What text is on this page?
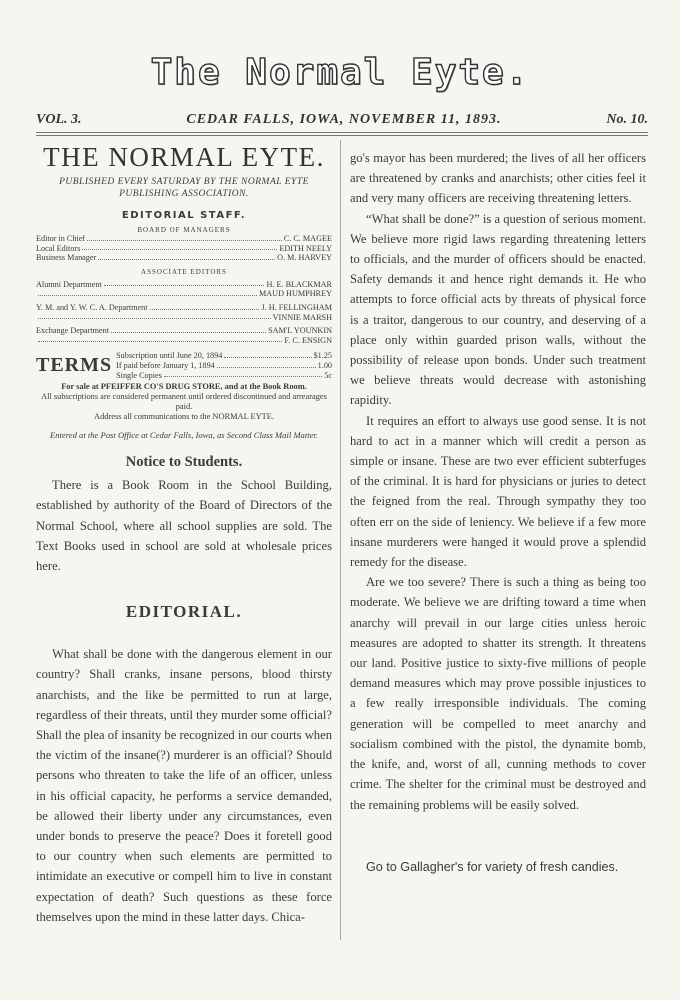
The Normal Eyte.
VOL. 3.	CEDAR FALLS, IOWA, NOVEMBER 11, 1893.	No. 10.
THE NORMAL EYTE.
PUBLISHED EVERY SATURDAY BY THE NORMAL EYTE PUBLISHING ASSOCIATION.
EDITORIAL STAFF.
BOARD OF MANAGERS
Editor in Chief	C. C. MAGEE
Local Editors	EDITH NEELY
Business Manager	O. M. HARVEY
ASSOCIATE EDITORS
Alumni Department	H. E. BLACKMAR
MAUD HUMPHREY
Y. M. and Y. W. C. A. Department	J. H. FELLINGHAM
VINNIE MARSH
Exchange Department	SAM'L YOUNKIN
F. C. ENSIGN
TERMS Subscription until June 20, 1894	$1.25
If paid before January 1, 1894	1.00
Single Copies	5c
For sale at PFEIFFER CO'S DRUG STORE, and at the Book Room.
All subscriptions are considered permanent until ordered discontinued and arrearages paid.
Address all communications to the NORMAL EYTE.
Entered at the Post Office at Cedar Falls, Iowa, as Second Class Mail Matter.
Notice to Students.

There is a Book Room in the School Building, established by authority of the Board of Directors of the Normal School, where all school supplies are sold. The Text Books used in school are sold at wholesale prices here.

EDITORIAL.

What shall be done with the dangerous element in our country? Shall cranks, insane persons, blood thirsty anarchists, and the like be permitted to run at large, regardless of their threats, until they murder some official? Shall the plea of insanity be recognized in our courts when the victim of the insane(?) murderer is an official? Should persons who threaten to take the life of an officer, unless in his official capacity, he performs a service demanded, be allowed their liberty under any circumstances, even under bonds to preserve the peace? Does it foretell good to our country when such elements are permitted to intimidate an executive or compell him to live in constant expectation of death? Such questions as these force themselves upon the mind in these latter days. Chica-

go's mayor has been murdered; the lives of all her officers are threatened by cranks and anarchists; other cities feel it and very many officers are receiving threatening letters.

“What shall be done?” is a question of serious moment. We believe more rigid laws regarding threatening letters to officials, and the murder of officers should be enacted. Safety demands it and hence right demands it. He who attempts to force official acts by threats of physical force is a traitor, dangerous to our country, and deserving of a place only within guarded prison walls, without the possibility of release upon bonds. Under such treatment we believe threats would decrease with astonishing rapidity.

It requires an effort to always use good sense. It is not hard to act in a manner which will credit a person as simple or insane. These are two ever efficient subterfuges of the criminal. It is hard for physicians or juries to detect the feigned from the real. Through sympathy they too often err on the side of leniency. We believe if a few more insane murderers were hanged it would prove a splendid remedy for the disease.

Are we too severe? There is such a thing as being too moderate. We believe we are drifting toward a time when anarchy will prevail in our large cities unless heroic measures are adopted to shatter its strength. It threatens our land. Positive justice to sixty-five millions of people demand measures which may prove possible injustices to a few really irresponsible individuals. The coming generation will be compelled to meet anarchy and socialism combined with the pistol, the dynamite bomb, the knife, and, worst of all, cunning methods to cover crime. The shelter for the criminal must be destroyed and the remaining problems will be easily solved.

Go to Gallagher's for variety of fresh candies.
